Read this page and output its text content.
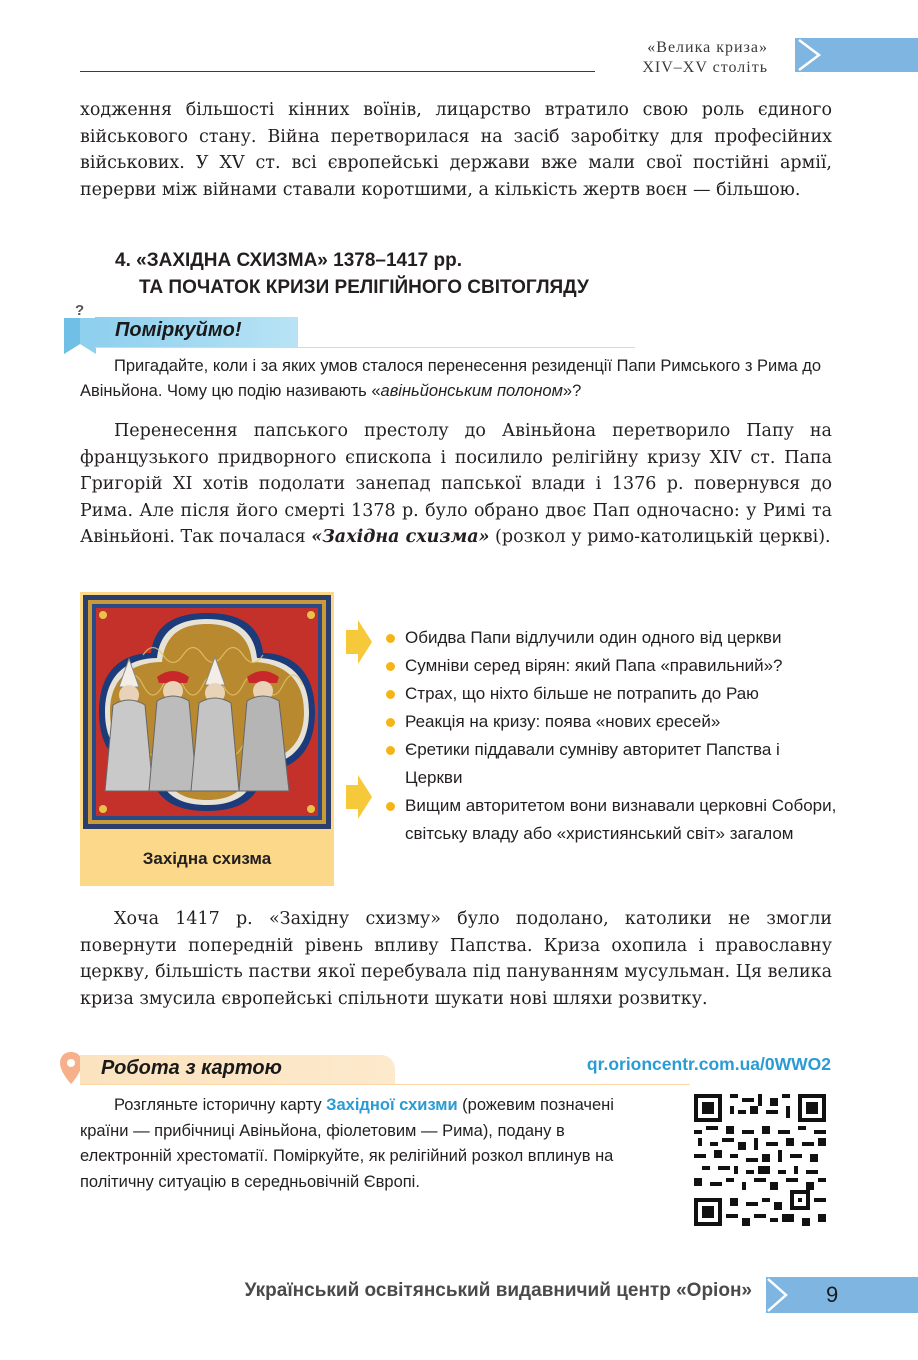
«Велика криза»
XIV–XV століть

ходження більшості кінних воїнів, лицарство втратило свою роль єдиного військового стану. Війна перетворилася на засіб заробітку для професійних військових. У XV ст. всі європейські держави вже мали свої постійні армії, перерви між війнами ставали коротшими, а кількість жертв воєн — більшою.

4. «ЗАХІДНА СХИЗМА» 1378–1417 рр.
ТА ПОЧАТОК КРИЗИ РЕЛІГІЙНОГО СВІТОГЛЯДУ
?
Поміркуймо!

Пригадайте, коли і за яких умов сталося перенесення резиденції Папи Римського з Рима до Авіньйона. Чому цю подію називають «авіньйонським полоном»?

Перенесення папського престолу до Авіньйона перетворило Папу на французького придворного єпископа і посилило релігійну кризу XIV ст. Папа Григорій XI хотів подолати занепад папської влади і 1376 р. повернувся до Рима. Але після його смерті 1378 р. було обрано двоє Пап одночасно: у Римі та Авіньйоні. Так почалася «Західна схизма» (розкол у римо-католицькій церкві).

Західна схизма
Обидва Папи відлучили один одного від церкви
Сумніви серед вірян: який Папа «правильний»?
Страх, що ніхто більше не потрапить до Раю
Реакція на кризу: поява «нових єресей»
Єретики піддавали сумніву авторитет Папства і Церкви
Вищим авторитетом вони визнавали церковні Собори, світську владу або «християнський світ» загалом

Хоча 1417 р. «Західну схизму» було подолано, католики не змогли повернути попередній рівень впливу Папства. Криза охопила і православну церкву, більшість пастви якої перебувала під пануванням мусульман. Ця велика криза змусила європейські спільноти шукати нові шляхи розвитку.

Робота з картою	qr.orioncentr.com.ua/0WWO2

Розгляньте історичну карту Західної схизми (рожевим позначені країни — прибічниці Авіньйона, фіолетовим — Рима), подану в електронній хрестоматії. Поміркуйте, як релігійний розкол вплинув на політичну ситуацію в середньовічній Європі.

Український освітянський видавничий центр «Оріон»	9
